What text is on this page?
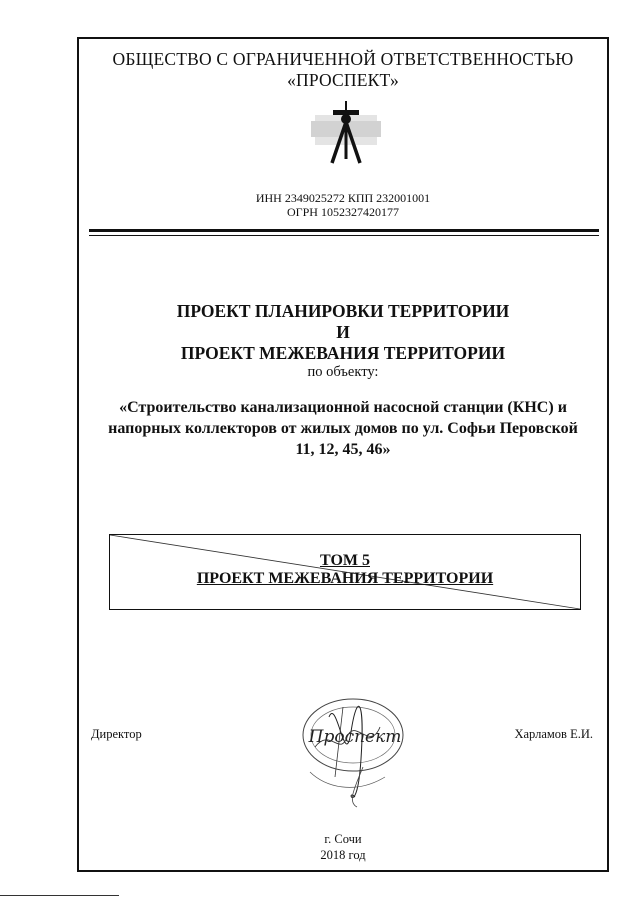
ОБЩЕСТВО С ОГРАНИЧЕННОЙ ОТВЕТСТВЕННОСТЬЮ
«ПРОСПЕКТ»
ИНН 2349025272 КПП 232001001
ОГРН 1052327420177
ПРОЕКТ ПЛАНИРОВКИ ТЕРРИТОРИИ
И
ПРОЕКТ МЕЖЕВАНИЯ ТЕРРИТОРИИ
по объекту:
«Строительство канализационной насосной станции (КНС) и
напорных коллекторов от жилых домов по ул. Софьи Перовской
11, 12, 45, 46»
ТОМ 5
ПРОЕКТ МЕЖЕВАНИЯ ТЕРРИТОРИИ
Проспект
Директор	Харламов Е.И.
г. Сочи
2018 год
